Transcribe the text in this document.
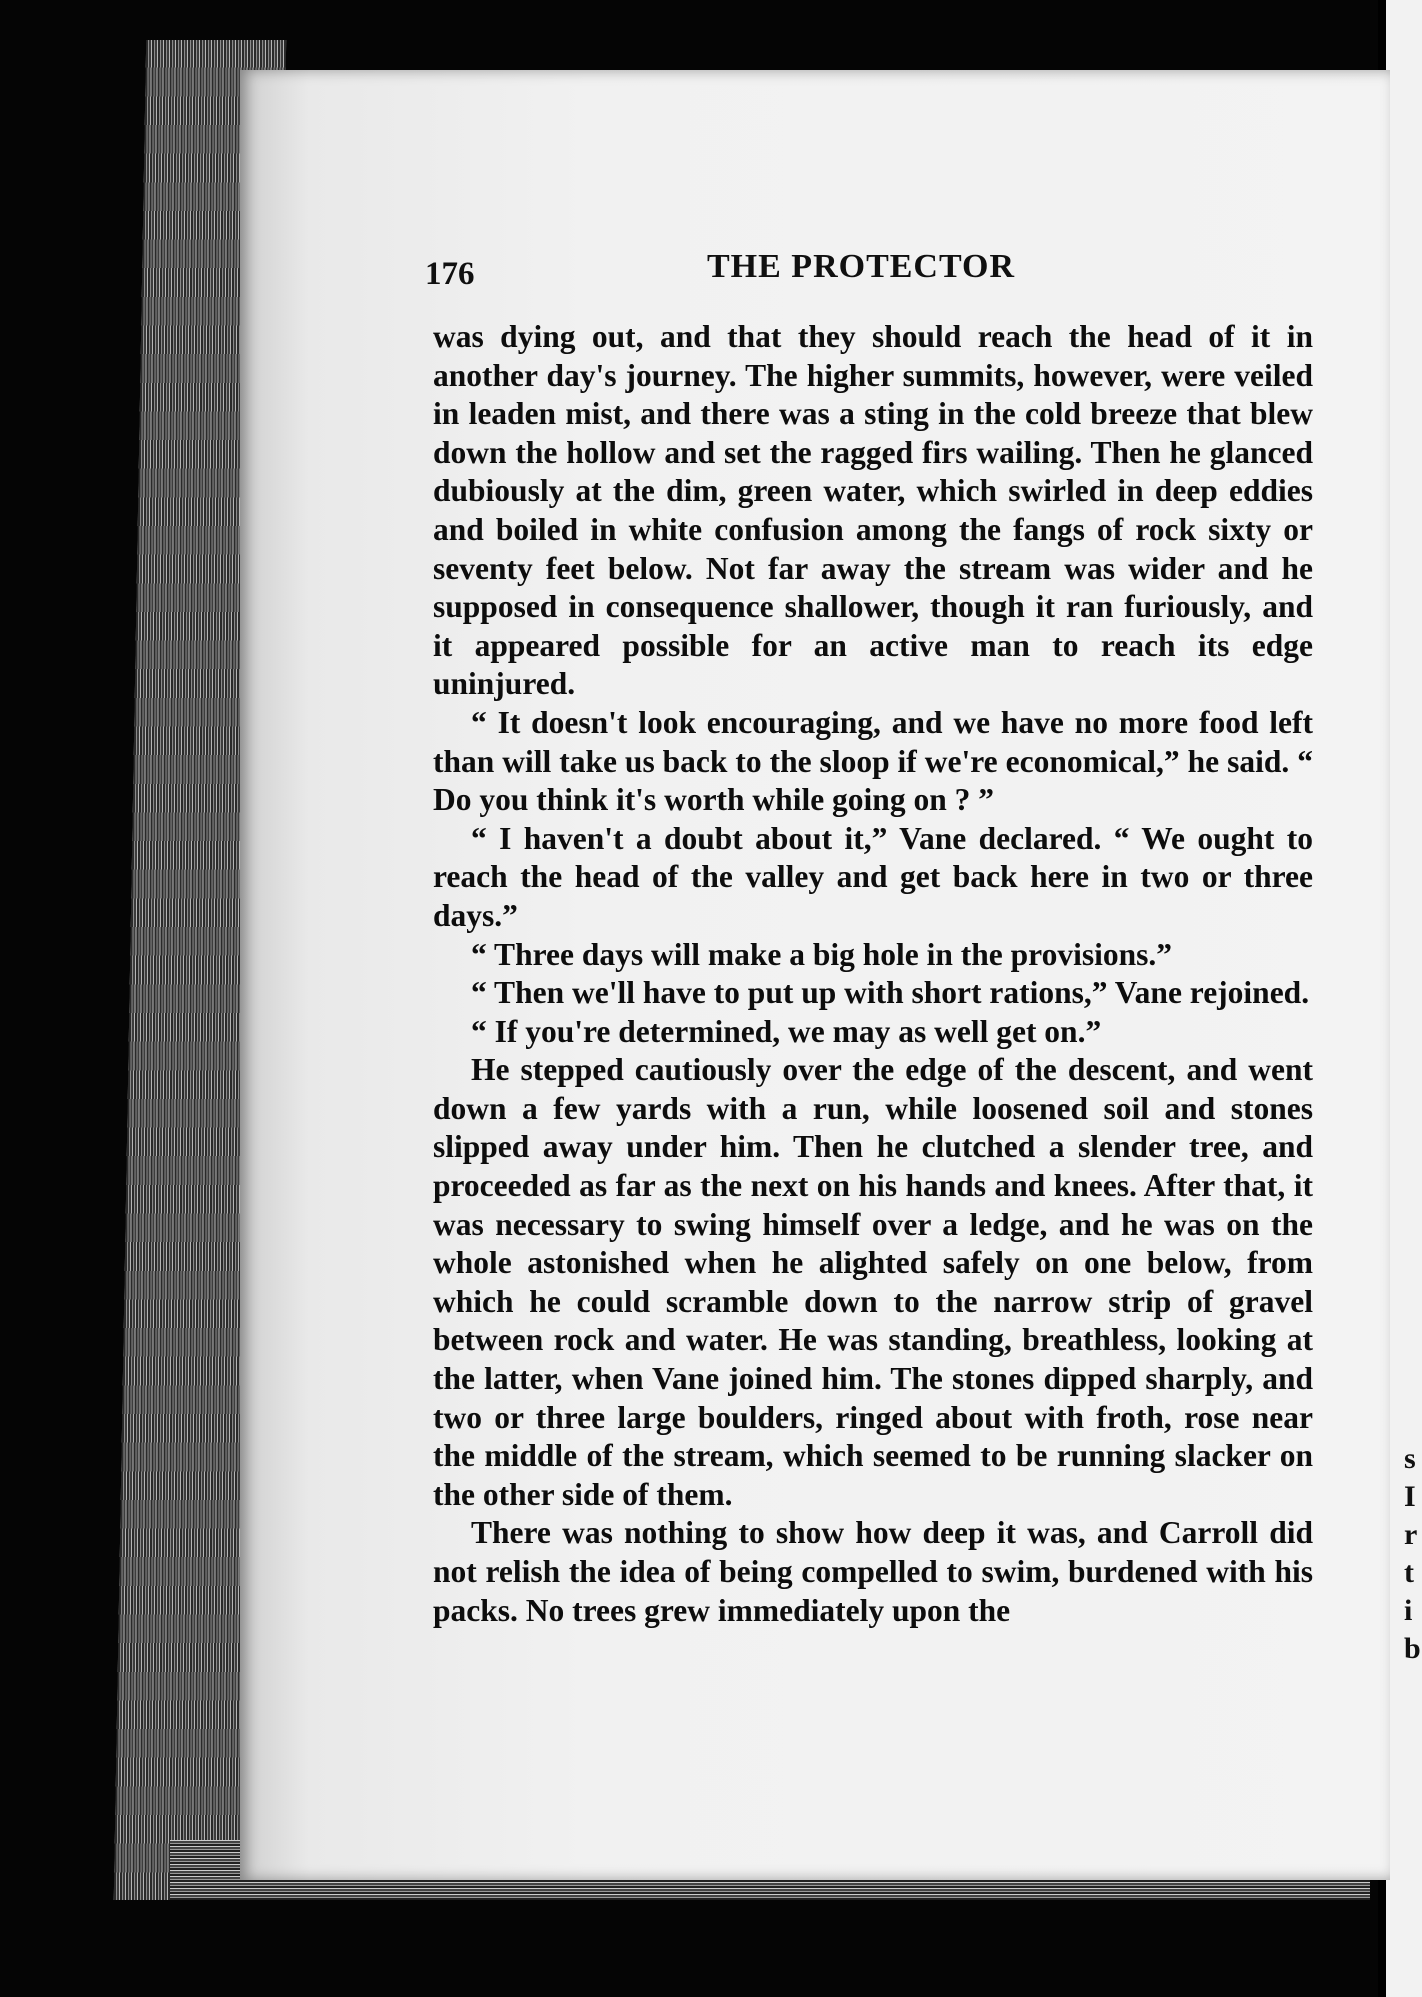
s
I
r
t
i
b
176	THE PROTECTOR

was dying out, and that they should reach the head of it in another day's journey. The higher summits, however, were veiled in leaden mist, and there was a sting in the cold breeze that blew down the hollow and set the ragged firs wailing. Then he glanced dubiously at the dim, green water, which swirled in deep eddies and boiled in white confusion among the fangs of rock sixty or seventy feet below. Not far away the stream was wider and he supposed in consequence shallower, though it ran furiously, and it appeared possible for an active man to reach its edge uninjured.

“ It doesn't look encouraging, and we have no more food left than will take us back to the sloop if we're economical,” he said. “ Do you think it's worth while going on ? ”

“ I haven't a doubt about it,” Vane declared. “ We ought to reach the head of the valley and get back here in two or three days.”

“ Three days will make a big hole in the provisions.”

“ Then we'll have to put up with short rations,” Vane rejoined.

“ If you're determined, we may as well get on.”

He stepped cautiously over the edge of the descent, and went down a few yards with a run, while loosened soil and stones slipped away under him. Then he clutched a slender tree, and proceeded as far as the next on his hands and knees. After that, it was necessary to swing himself over a ledge, and he was on the whole astonished when he alighted safely on one below, from which he could scramble down to the narrow strip of gravel between rock and water. He was standing, breathless, looking at the latter, when Vane joined him. The stones dipped sharply, and two or three large boulders, ringed about with froth, rose near the middle of the stream, which seemed to be running slacker on the other side of them.

There was nothing to show how deep it was, and Carroll did not relish the idea of being compelled to swim, burdened with his packs. No trees grew immediately upon the
